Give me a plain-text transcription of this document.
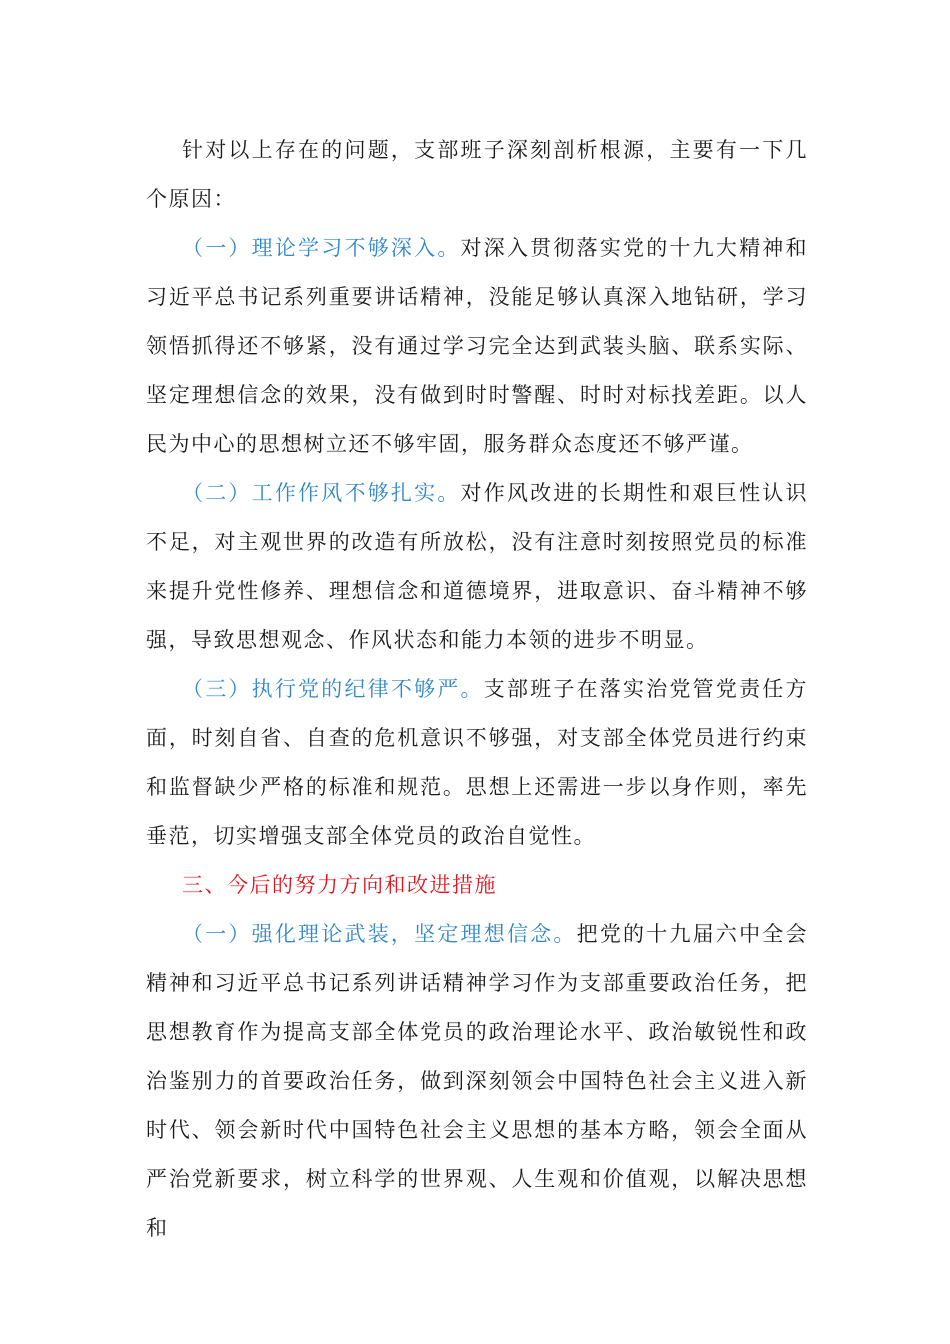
针对以上存在的问题，支部班子深刻剖析根源，主要有一下几个原因：

（一）理论学习不够深入。对深入贯彻落实党的十九大精神和习近平总书记系列重要讲话精神，没能足够认真深入地钻研，学习领悟抓得还不够紧，没有通过学习完全达到武装头脑、联系实际、坚定理想信念的效果，没有做到时时警醒、时时对标找差距。以人民为中心的思想树立还不够牢固，服务群众态度还不够严谨。

（二）工作作风不够扎实。对作风改进的长期性和艰巨性认识不足，对主观世界的改造有所放松，没有注意时刻按照党员的标准来提升党性修养、理想信念和道德境界，进取意识、奋斗精神不够强，导致思想观念、作风状态和能力本领的进步不明显。

（三）执行党的纪律不够严。支部班子在落实治党管党责任方面，时刻自省、自查的危机意识不够强，对支部全体党员进行约束和监督缺少严格的标准和规范。思想上还需进一步以身作则，率先垂范，切实增强支部全体党员的政治自觉性。

三、今后的努力方向和改进措施

（一）强化理论武装，坚定理想信念。把党的十九届六中全会精神和习近平总书记系列讲话精神学习作为支部重要政治任务，把思想教育作为提高支部全体党员的政治理论水平、政治敏锐性和政治鉴别力的首要政治任务，做到深刻领会中国特色社会主义进入新时代、领会新时代中国特色社会主义思想的基本方略，领会全面从严治党新要求，树立科学的世界观、人生观和价值观，以解决思想和
